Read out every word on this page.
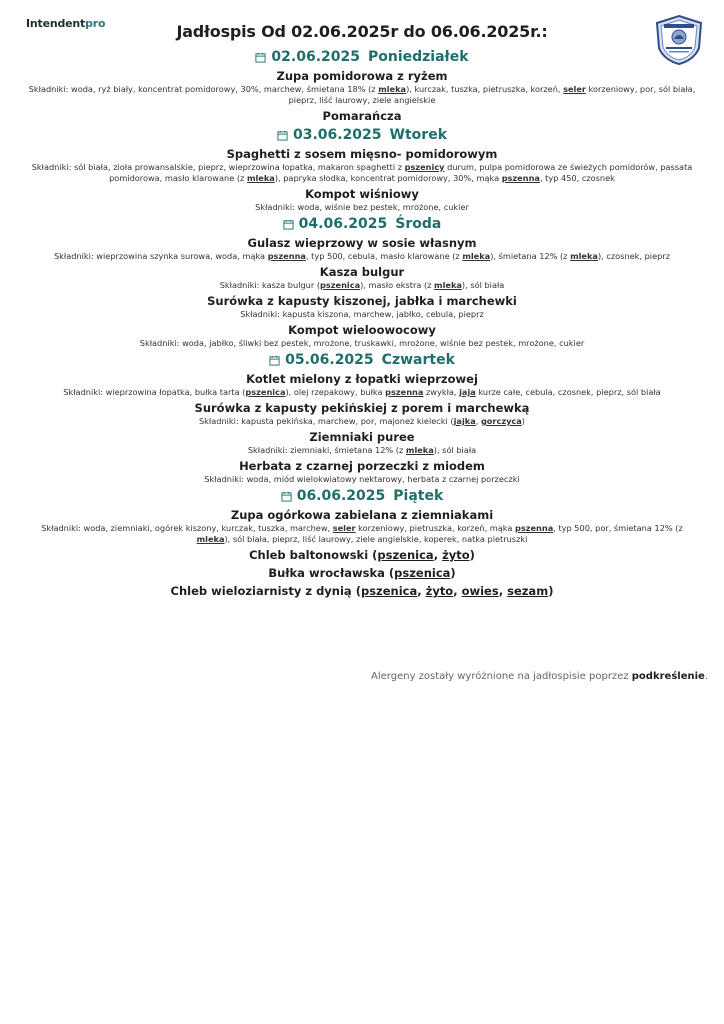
Intendentpro	Jadłospis Od 02.06.2025r do 06.06.2025r.:
02.06.2025 Poniedziałek
Zupa pomidorowa z ryżem
Składniki: woda, ryż biały, koncentrat pomidorowy, 30%, marchew, śmietana 18% (z mleka), kurczak, tuszka, pietruszka, korzeń, seler korzeniowy, por, sól biała, pieprz, liść laurowy, ziele angielskie
Pomarańcza
03.06.2025 Wtorek
Spaghetti z sosem mięsno- pomidorowym
Składniki: sól biała, zioła prowansalskie, pieprz, wieprzowina łopatka, makaron spaghetti z pszenicy durum, pulpa pomidorowa ze świeżych pomidorów, passata pomidorowa, masło klarowane (z mleka), papryka słodka, koncentrat pomidorowy, 30%, mąka pszenna, typ 450, czosnek
Kompot wiśniowy
Składniki: woda, wiśnie bez pestek, mrożone, cukier
04.06.2025 Środa
Gulasz wieprzowy w sosie własnym
Składniki: wieprzowina szynka surowa, woda, mąka pszenna, typ 500, cebula, masło klarowane (z mleka), śmietana 12% (z mleka), czosnek, pieprz
Kasza bulgur
Składniki: kasza bulgur (pszenica), masło ekstra (z mleka), sól biała
Surówka z kapusty kiszonej, jabłka i marchewki
Składniki: kapusta kiszona, marchew, jabłko, cebula, pieprz
Kompot wieloowocowy
Składniki: woda, jabłko, śliwki bez pestek, mrożone, truskawki, mrożone, wiśnie bez pestek, mrożone, cukier
05.06.2025 Czwartek
Kotlet mielony z łopatki wieprzowej
Składniki: wieprzowina łopatka, bułka tarta (pszenica), olej rzepakowy, bułka pszenna zwykła, jaja kurze całe, cebula, czosnek, pieprz, sól biała
Surówka z kapusty pekińskiej z porem i marchewką
Składniki: kapusta pekińska, marchew, por, majonez kielecki (jajka, gorczyca)
Ziemniaki puree
Składniki: ziemniaki, śmietana 12% (z mleka), sól biała
Herbata z czarnej porzeczki z miodem
Składniki: woda, miód wielokwiatowy nektarowy, herbata z czarnej porzeczki
06.06.2025 Piątek
Zupa ogórkowa zabielana z ziemniakami
Składniki: woda, ziemniaki, ogórek kiszony, kurczak, tuszka, marchew, seler korzeniowy, pietruszka, korzeń, mąka pszenna, typ 500, por, śmietana 12% (z mleka), sól biała, pieprz, liść laurowy, ziele angielskie, koperek, natka pietruszki
Chleb baltonowski (pszenica, żyto)
Bułka wrocławska (pszenica)
Chleb wieloziarnisty z dynią (pszenica, żyto, owies, sezam)
Alergeny zostały wyróżnione na jadłospisie poprzez podkreślenie.
